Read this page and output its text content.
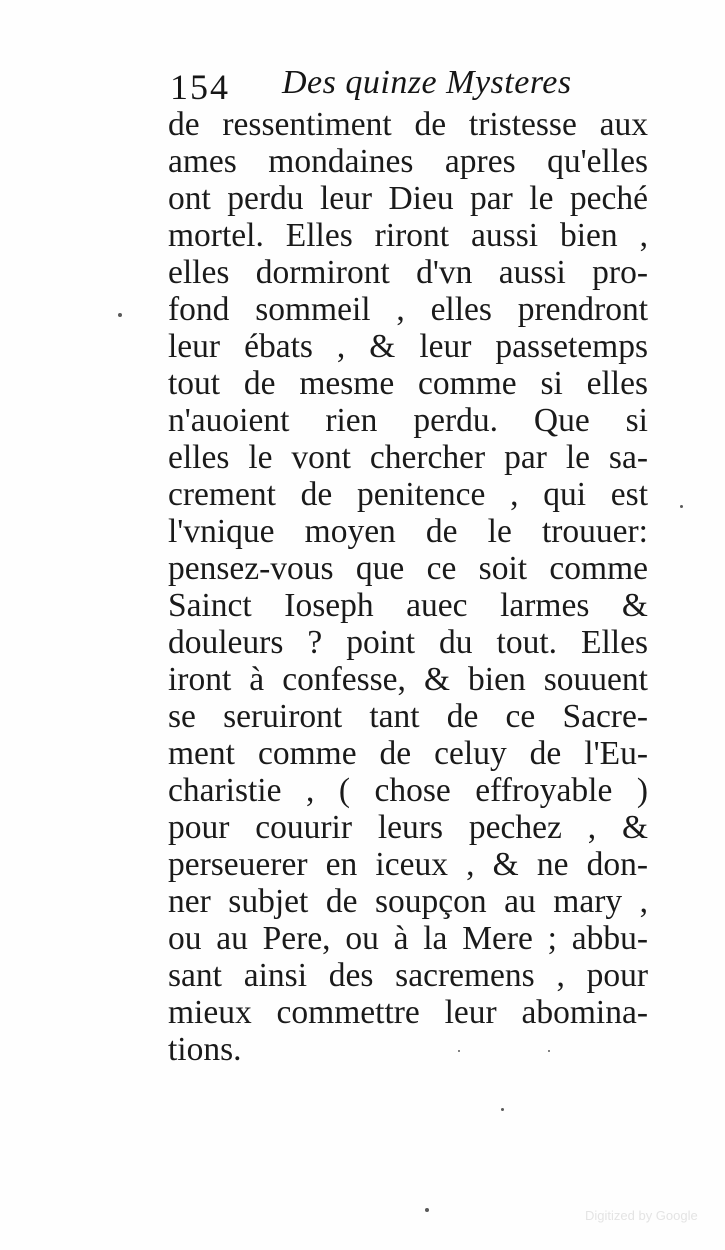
154 Des quinze Mysteres
de ressentiment de tristesse aux
ames mondaines apres qu'elles
ont perdu leur Dieu par le peché
mortel. Elles riront aussi bien ,
elles dormiront d'vn aussi pro-
fond sommeil , elles prendront
leur ébats , & leur passetemps
tout de mesme comme si elles
n'auoient rien perdu. Que si
elles le vont chercher par le sa-
crement de penitence , qui est
l'vnique moyen de le trouuer:
pensez-vous que ce soit comme
Sainct Ioseph auec larmes &
douleurs ? point du tout. Elles
iront à confesse, & bien souuent
se seruiront tant de ce Sacre-
ment comme de celuy de l'Eu-
charistie , ( chose effroyable )
pour couurir leurs pechez , &
perseuerer en iceux , & ne don-
ner subjet de soupçon au mary ,
ou au Pere, ou à la Mere ; abbu-
sant ainsi des sacremens , pour
mieux commettre leur abomina-
tions.
Digitized by Google
